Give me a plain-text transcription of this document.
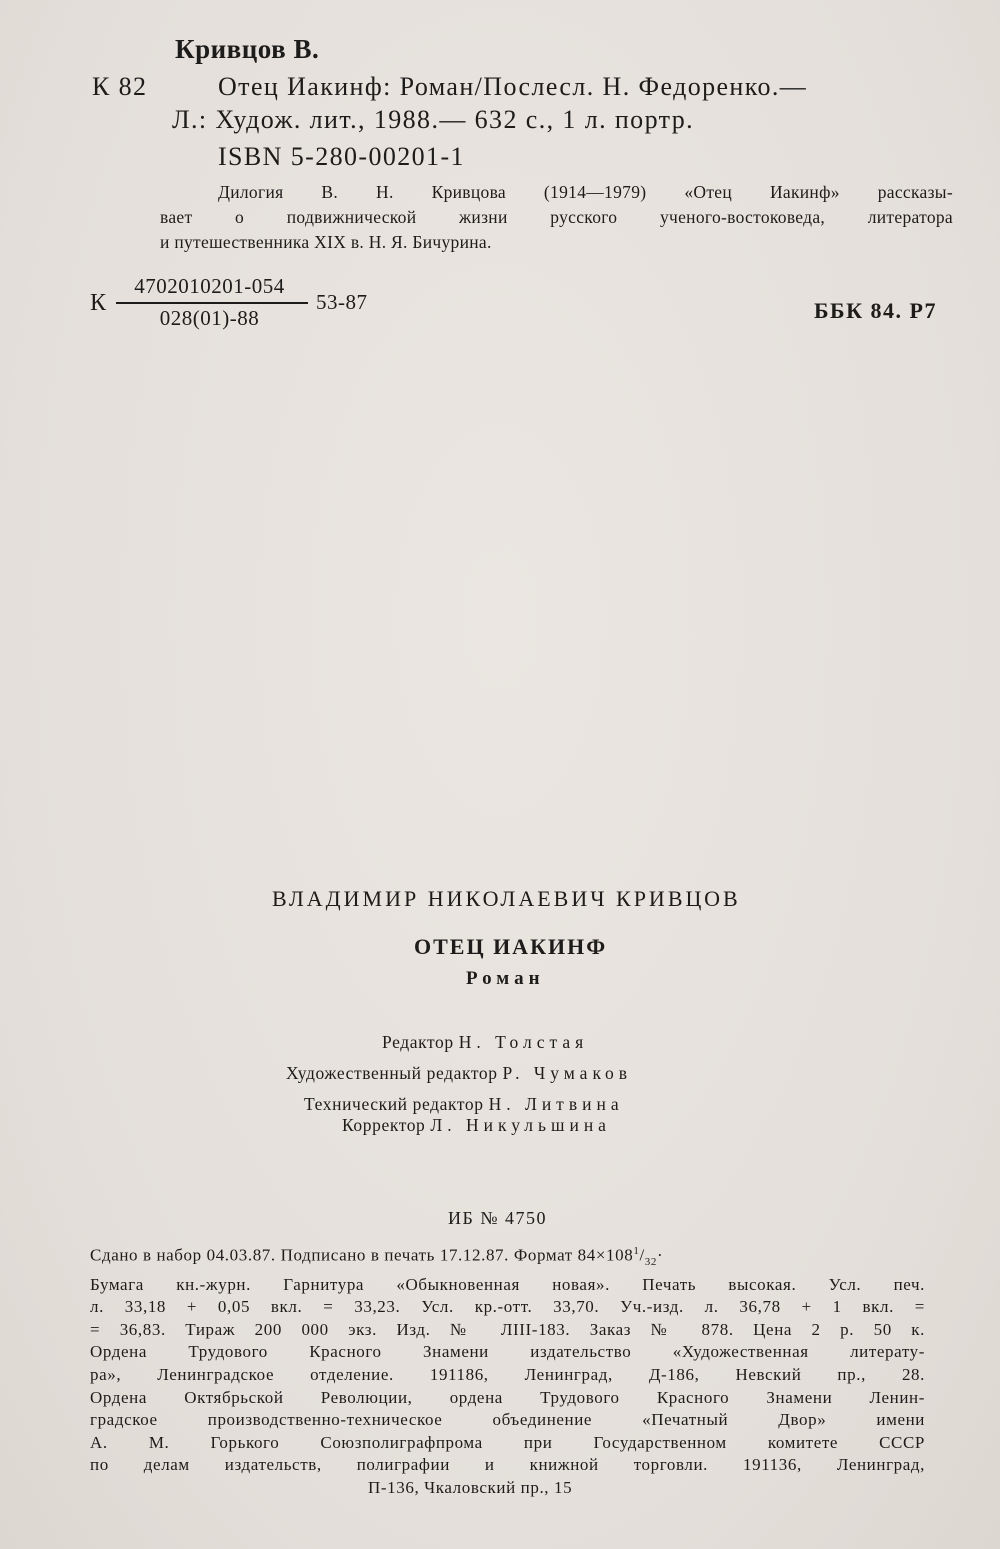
Кривцов В.
К 82	Отец Иакинф: Роман/Послесл. Н. Федоренко.—
Л.: Худож. лит., 1988.— 632 с., 1 л. портр.
ISBN 5-280-00201-1
Дилогия В. Н. Кривцова (1914—1979) «Отец Иакинф» рассказы-
вает о подвижнической жизни русского ученого-востоковеда, литератора
и путешественника XIX в. Н. Я. Бичурина.
К
4702010201-054
028(01)-88
53-87	ББК 84. Р7
ВЛАДИМИР НИКОЛАЕВИЧ КРИВЦОВ
ОТЕЦ ИАКИНФ
Роман
Редактор Н. Толстая
Художественный редактор Р. Чумаков
Технический редактор Н. Литвина
Корректор Л. Никульшина
ИБ № 4750
Сдано в набор 04.03.87. Подписано в печать 17.12.87. Формат $84\times 108^1/_{32}\cdot$
Бумага кн.-журн. Гарнитура «Обыкновенная новая». Печать высокая. Усл. печ.
л. 33,18 + 0,05 вкл. = 33,23. Усл. кр.-отт. 33,70. Уч.-изд. л. 36,78 + 1 вкл. =
= 36,83. Тираж 200 000 экз. Изд. № ЛIII-183. Заказ № 878. Цена 2 р. 50 к.
Ордена Трудового Красного Знамени издательство «Художественная литерату-
ра», Ленинградское отделение. 191186, Ленинград, Д-186, Невский пр., 28.
Ордена Октябрьской Революции, ордена Трудового Красного Знамени Ленин-
градское производственно-техническое объединение «Печатный Двор» имени
А. М. Горького Союзполиграфпрома при Государственном комитете СССР
по делам издательств, полиграфии и книжной торговли. 191136, Ленинград,
П-136, Чкаловский пр., 15
